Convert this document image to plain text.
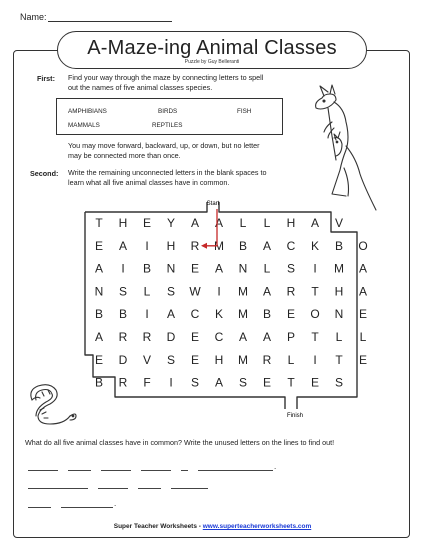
Name:
A-Maze-ing Animal Classes
Puzzle by Guy Belleranti
First: Find your way through the maze by connecting letters to spell
out the names of five animal classes species.
AMPHIBIANS	BIRDS	FISH
MAMMALS	REPTILES
You may move forward, backward, up, or down, but no letter
may be connected more than once.
Second: Write the remaining unconnected letters in the blank spaces to
learn what all five animal classes have in common.
T H E Y A A L L H A V
E A I H R M B A C K B O
A I B N E A N L S I M A
N S L S W I M A R T H A
B B I A C K M B E O N E
A R R D E C A A P T L L
E D V S E H M R L I T E
B R F I S A S E T E S
Start
Finish
What do all five animal classes have in common? Write the unused letters on the lines to find out!
.
.
Super Teacher Worksheets - www.superteacherworksheets.com
